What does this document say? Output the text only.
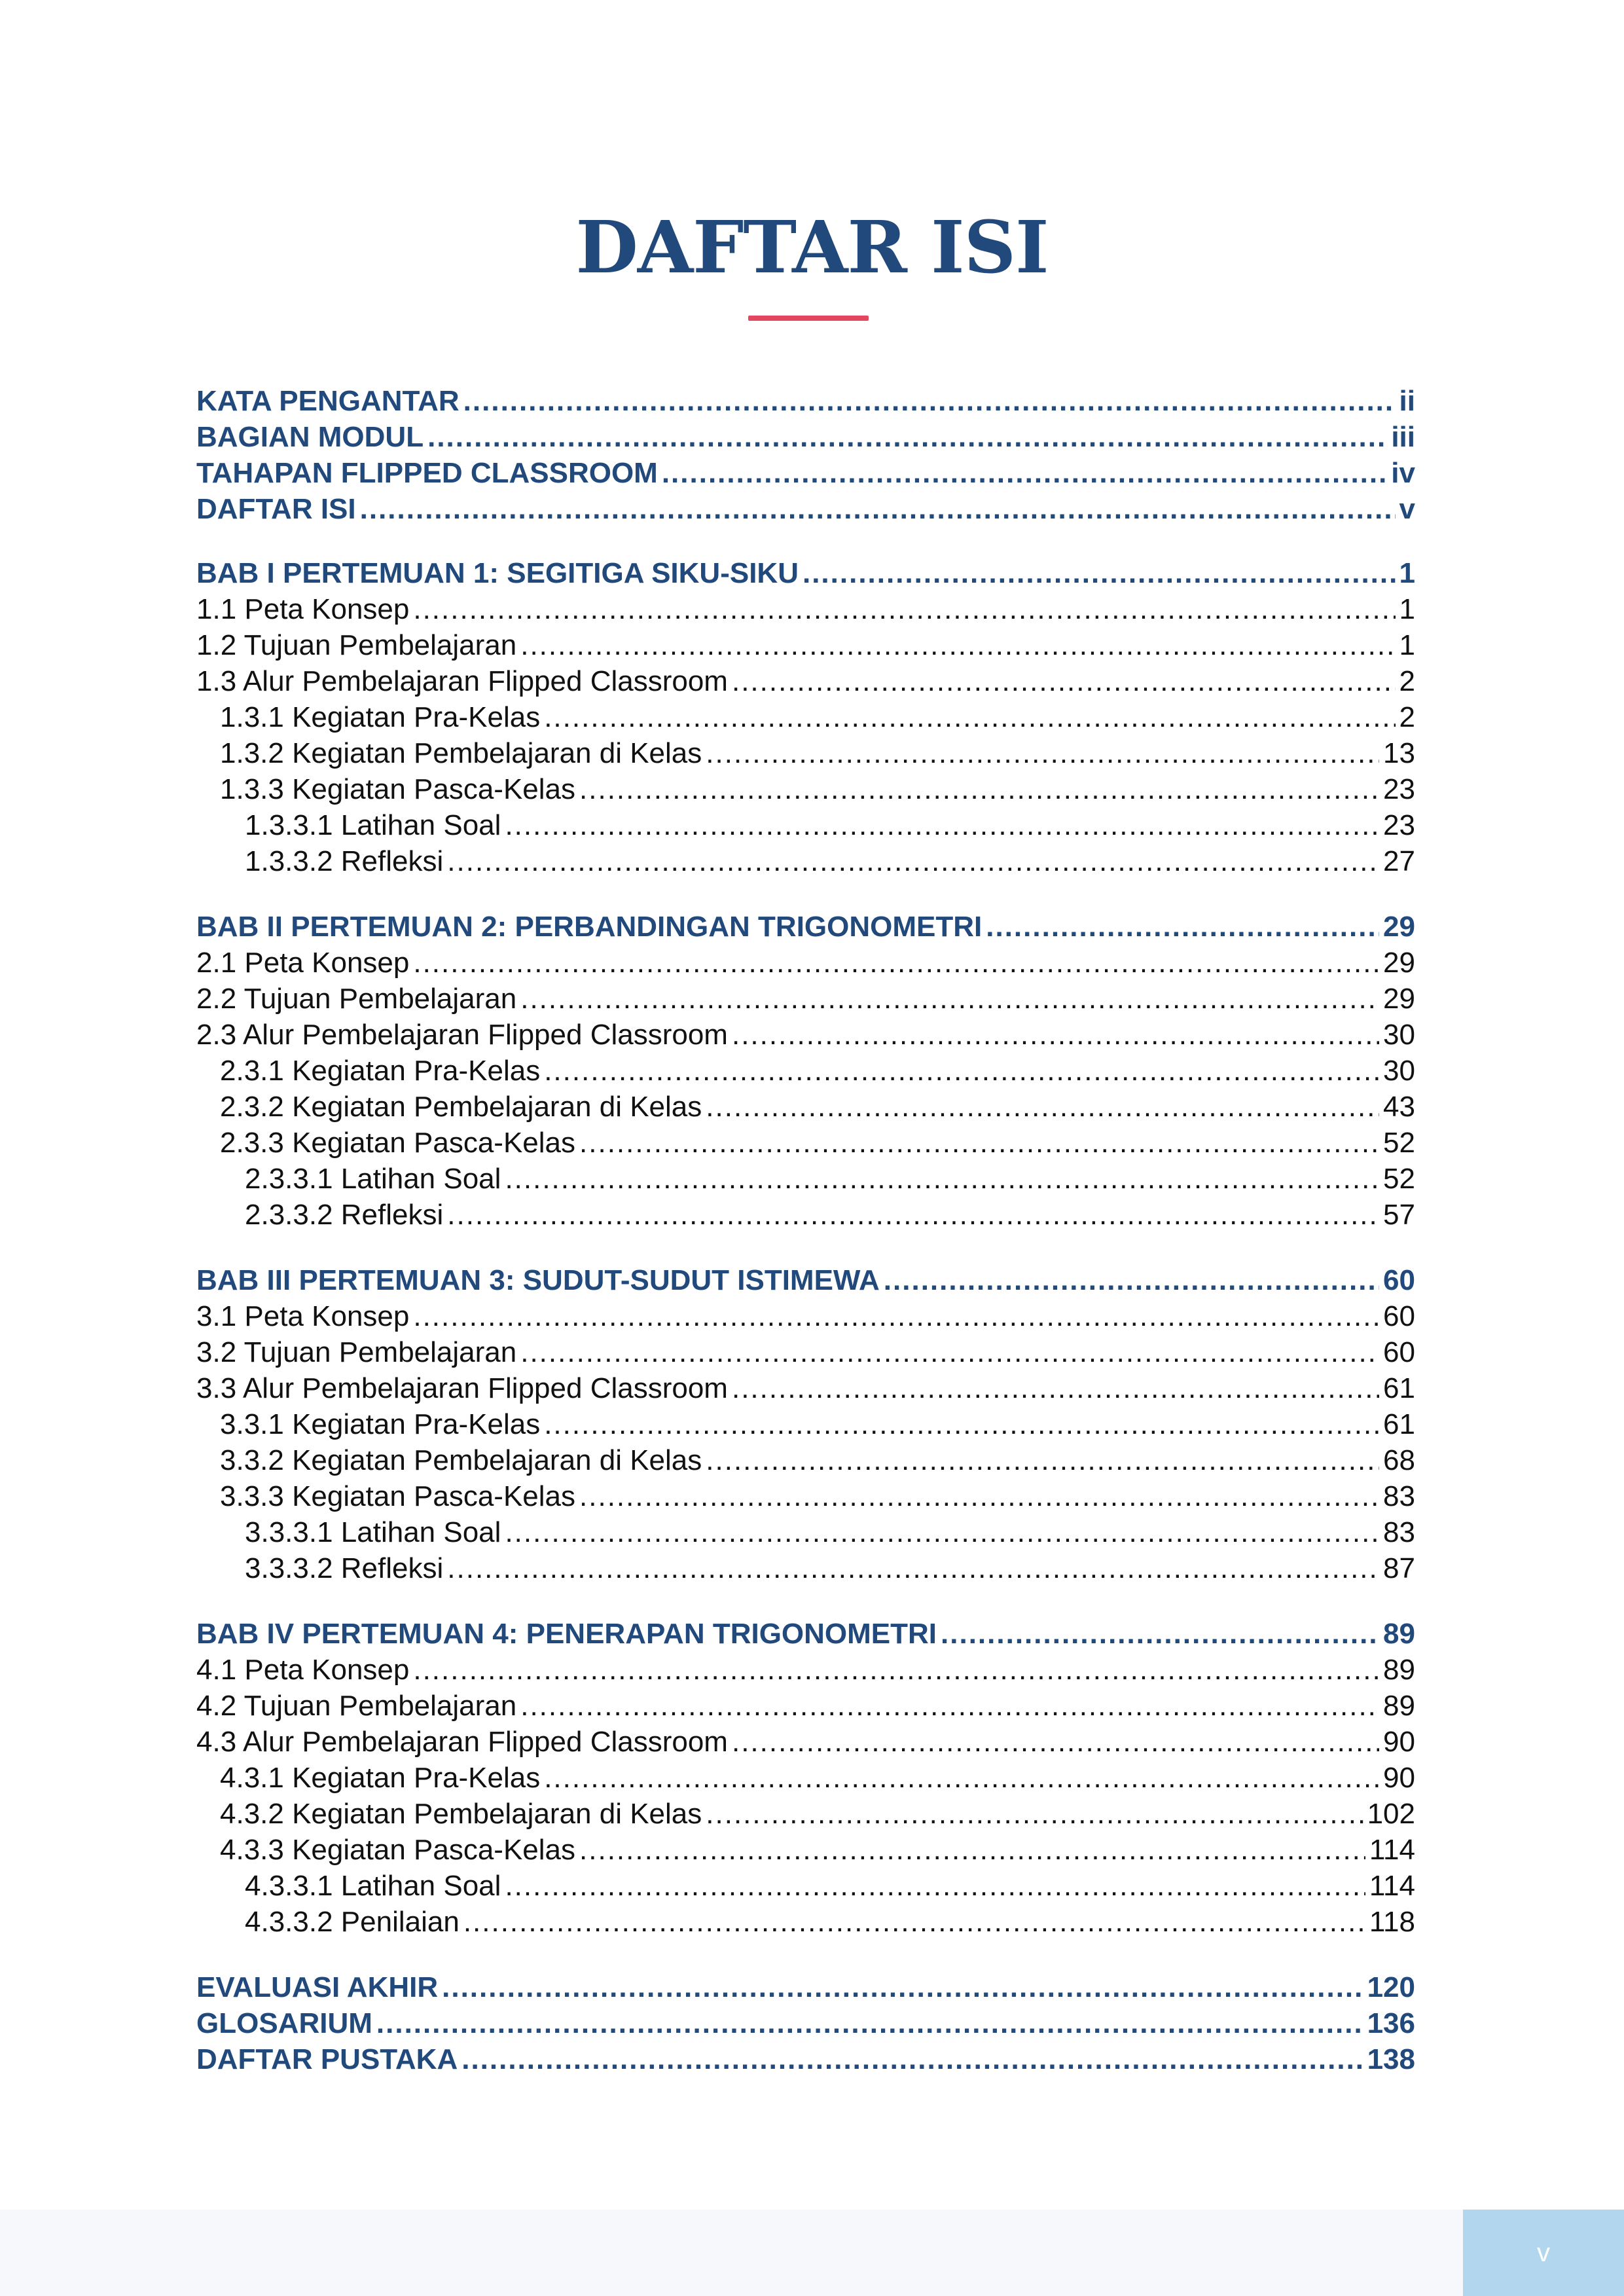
DAFTAR ISI
KATA PENGANTAR .....	ii
BAGIAN MODUL .....	iii
TAHAPAN FLIPPED CLASSROOM .....	iv
DAFTAR ISI .....	v
BAB I PERTEMUAN 1: SEGITIGA SIKU-SIKU .....	1
1.1 Peta Konsep .....	1
1.2 Tujuan Pembelajaran .....	1
1.3 Alur Pembelajaran Flipped Classroom .....	2
1.3.1 Kegiatan Pra-Kelas .....	2
1.3.2 Kegiatan Pembelajaran di Kelas .....	13
1.3.3 Kegiatan Pasca-Kelas .....	23
1.3.3.1 Latihan Soal .....	23
1.3.3.2 Refleksi .....	27
BAB II PERTEMUAN 2: PERBANDINGAN TRIGONOMETRI .....	29
2.1 Peta Konsep .....	29
2.2 Tujuan Pembelajaran .....	29
2.3 Alur Pembelajaran Flipped Classroom .....	30
2.3.1 Kegiatan Pra-Kelas .....	30
2.3.2 Kegiatan Pembelajaran di Kelas .....	43
2.3.3 Kegiatan Pasca-Kelas .....	52
2.3.3.1 Latihan Soal .....	52
2.3.3.2 Refleksi .....	57
BAB III PERTEMUAN 3: SUDUT-SUDUT ISTIMEWA .....	60
3.1 Peta Konsep .....	60
3.2 Tujuan Pembelajaran .....	60
3.3 Alur Pembelajaran Flipped Classroom .....	61
3.3.1 Kegiatan Pra-Kelas .....	61
3.3.2 Kegiatan Pembelajaran di Kelas .....	68
3.3.3 Kegiatan Pasca-Kelas .....	83
3.3.3.1 Latihan Soal .....	83
3.3.3.2 Refleksi .....	87
BAB IV PERTEMUAN 4: PENERAPAN TRIGONOMETRI .....	89
4.1 Peta Konsep .....	89
4.2 Tujuan Pembelajaran .....	89
4.3 Alur Pembelajaran Flipped Classroom .....	90
4.3.1 Kegiatan Pra-Kelas .....	90
4.3.2 Kegiatan Pembelajaran di Kelas .....	102
4.3.3 Kegiatan Pasca-Kelas .....	114
4.3.3.1 Latihan Soal .....	114
4.3.3.2 Penilaian .....	118
EVALUASI AKHIR .....	120
GLOSARIUM .....	136
DAFTAR PUSTAKA .....	138
v
